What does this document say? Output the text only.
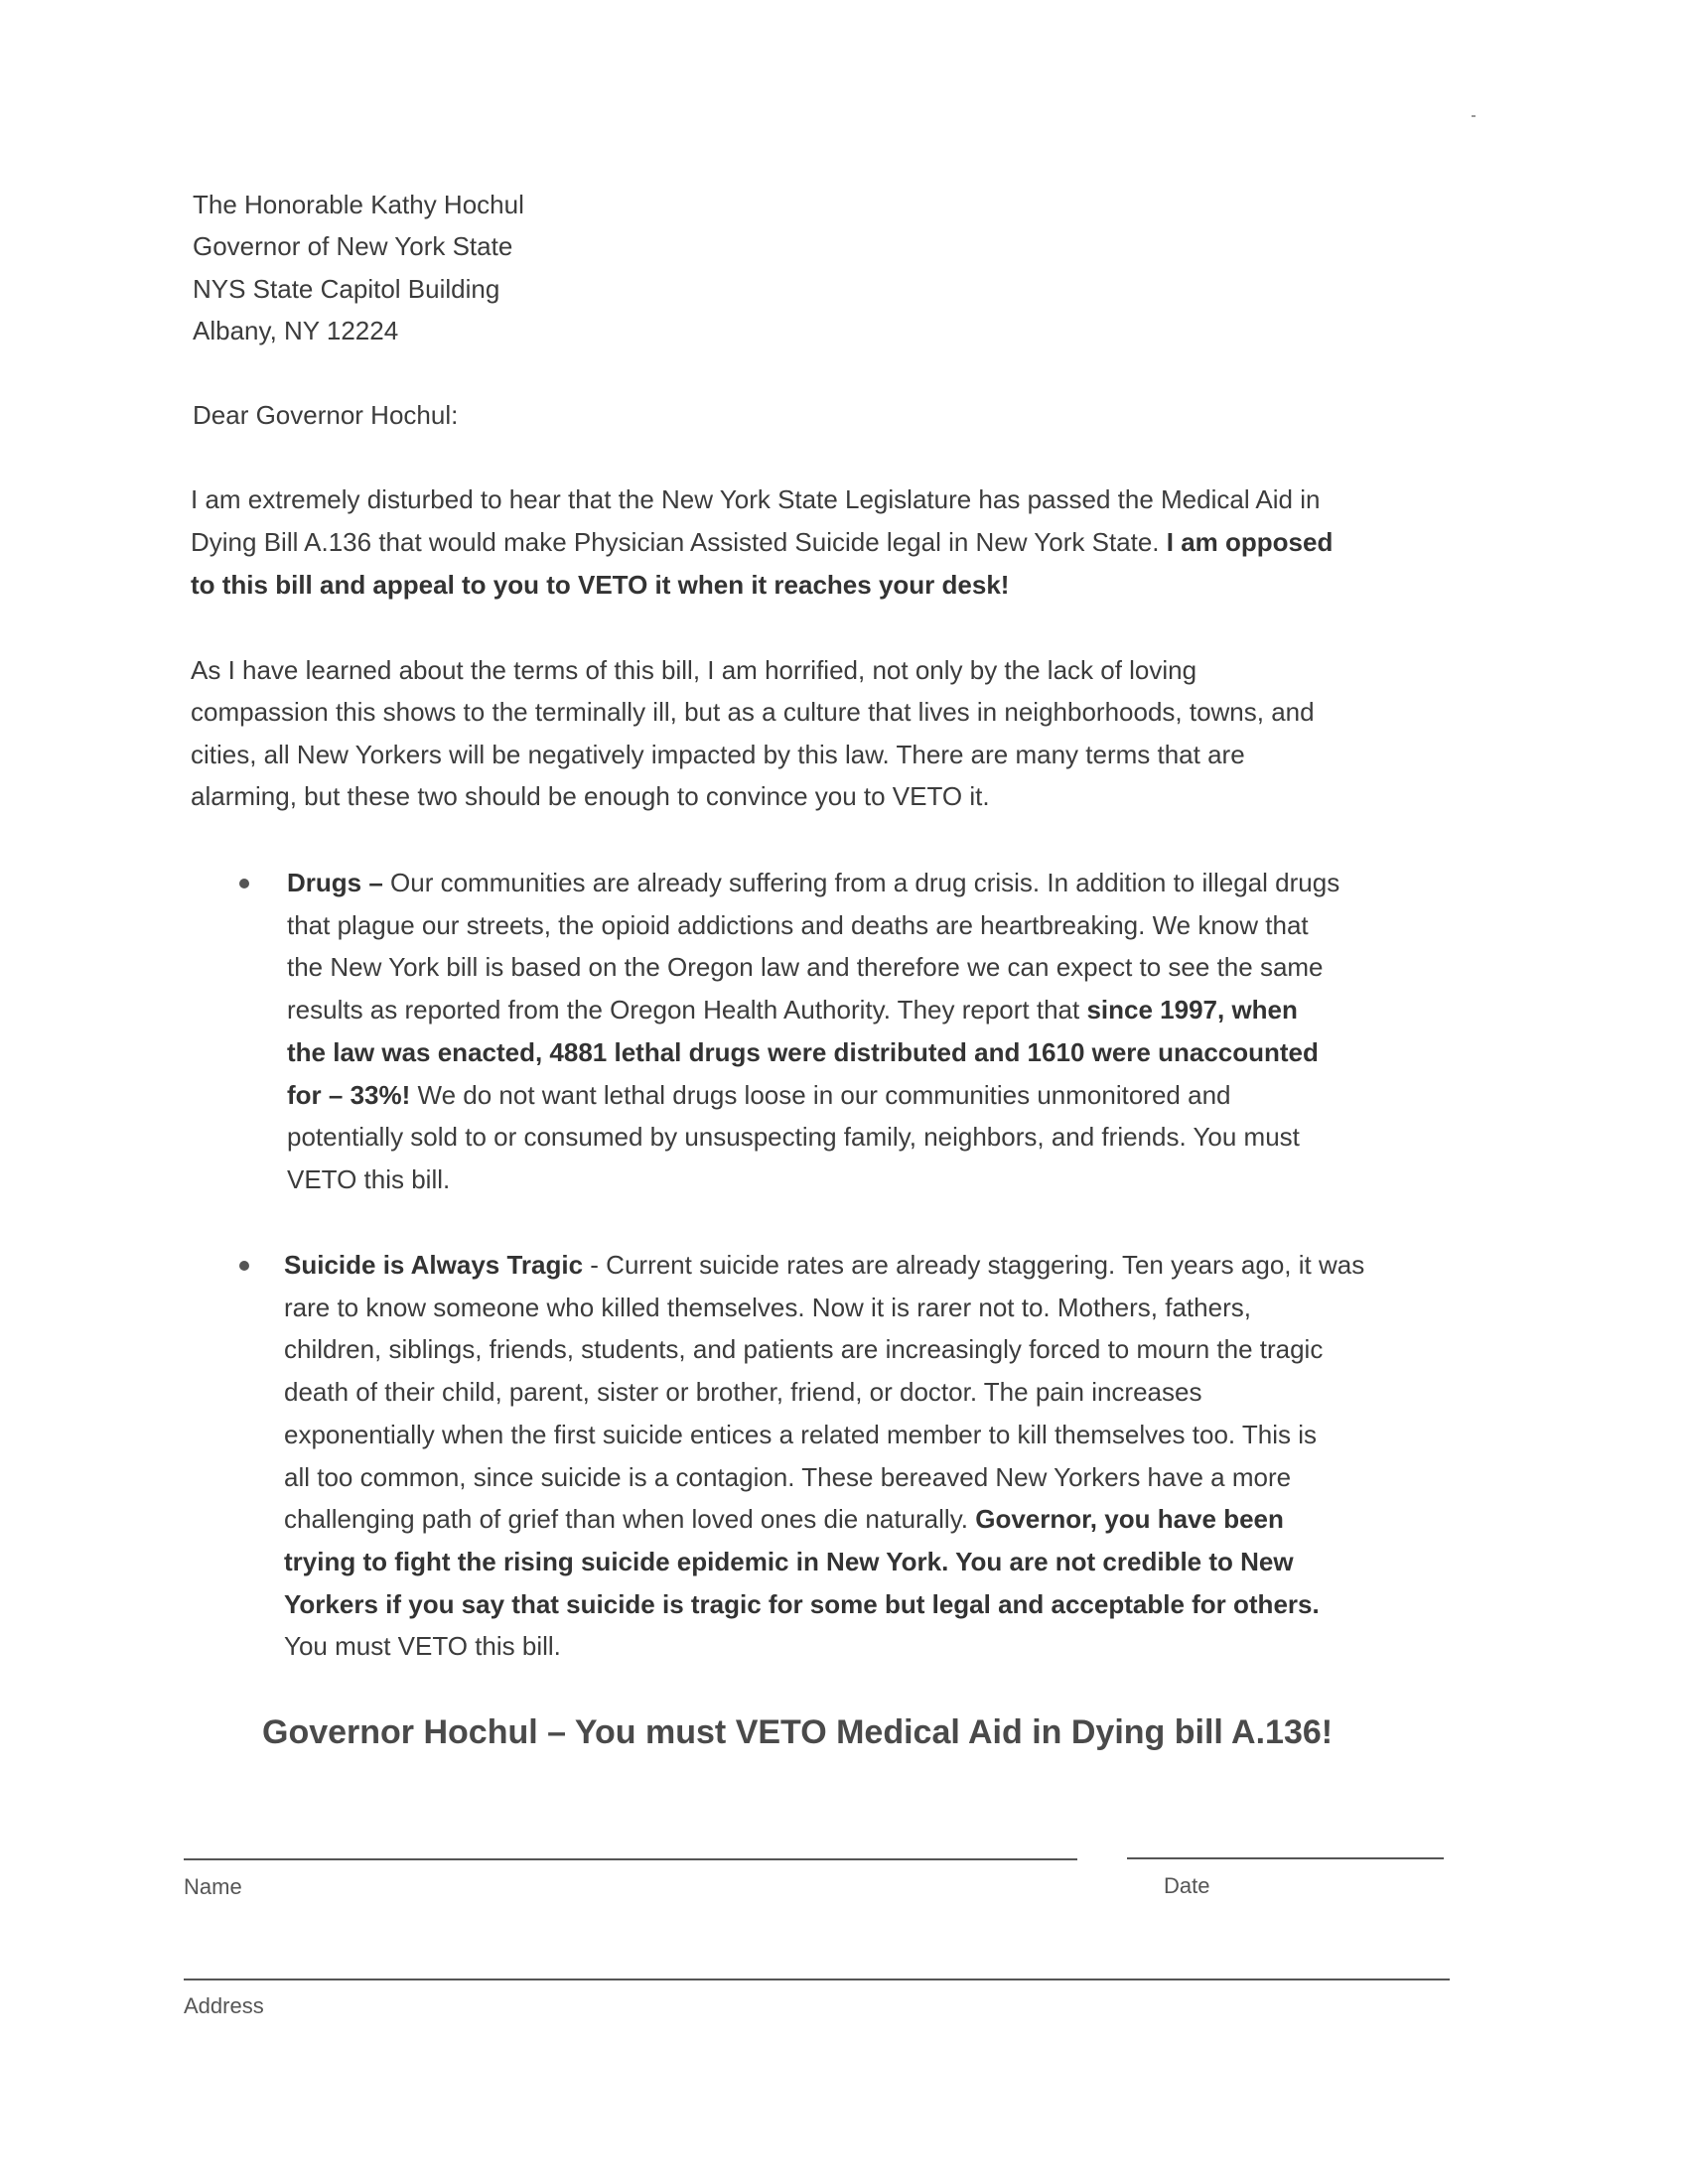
The Honorable Kathy Hochul
Governor of New York State
NYS State Capitol Building
Albany, NY 12224
Dear Governor Hochul:
I am extremely disturbed to hear that the New York State Legislature has passed the Medical Aid in
Dying Bill A.136 that would make Physician Assisted Suicide legal in New York State. I am opposed
to this bill and appeal to you to VETO it when it reaches your desk!
As I have learned about the terms of this bill, I am horrified, not only by the lack of loving
compassion this shows to the terminally ill, but as a culture that lives in neighborhoods, towns, and
cities, all New Yorkers will be negatively impacted by this law. There are many terms that are
alarming, but these two should be enough to convince you to VETO it.
Drugs – Our communities are already suffering from a drug crisis. In addition to illegal drugs
that plague our streets, the opioid addictions and deaths are heartbreaking. We know that
the New York bill is based on the Oregon law and therefore we can expect to see the same
results as reported from the Oregon Health Authority. They report that since 1997, when
the law was enacted, 4881 lethal drugs were distributed and 1610 were unaccounted
for – 33%! We do not want lethal drugs loose in our communities unmonitored and
potentially sold to or consumed by unsuspecting family, neighbors, and friends. You must
VETO this bill.
Suicide is Always Tragic - Current suicide rates are already staggering. Ten years ago, it was
rare to know someone who killed themselves. Now it is rarer not to. Mothers, fathers,
children, siblings, friends, students, and patients are increasingly forced to mourn the tragic
death of their child, parent, sister or brother, friend, or doctor. The pain increases
exponentially when the first suicide entices a related member to kill themselves too. This is
all too common, since suicide is a contagion. These bereaved New Yorkers have a more
challenging path of grief than when loved ones die naturally. Governor, you have been
trying to fight the rising suicide epidemic in New York. You are not credible to New
Yorkers if you say that suicide is tragic for some but legal and acceptable for others.
You must VETO this bill.
Governor Hochul – You must VETO Medical Aid in Dying bill A.136!
Name	Date
Address
